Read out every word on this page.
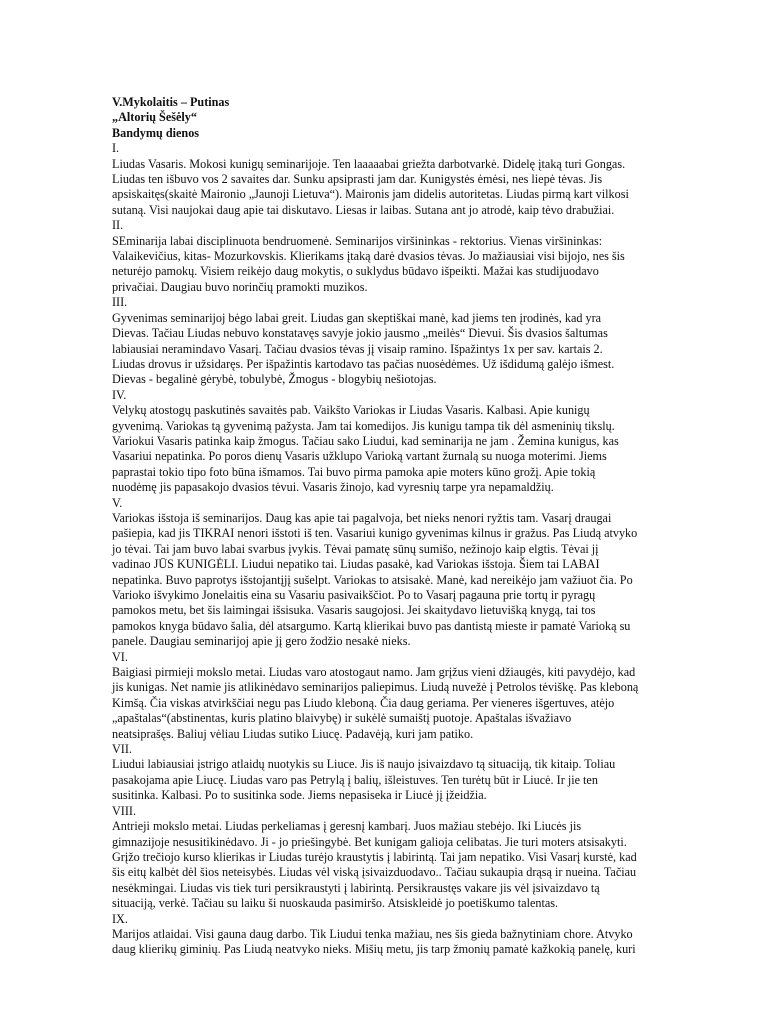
V.Mykolaitis – Putinas

„Altorių Šešėly“

Bandymų dienos

I.

Liudas Vasaris. Mokosi kunigų seminarijoje. Ten laaaaabai griežta darbotvarkė. Didelę įtaką turi Gongas.

Liudas ten išbuvo vos 2 savaites dar. Sunku apsiprasti jam dar. Kunigystės ėmėsi, nes liepė tėvas. Jis

apsiskaitęs(skaitė Maironio „Jaunoji Lietuva“). Maironis jam didelis autoritetas. Liudas pirmą kart vilkosi

sutaną. Visi naujokai daug apie tai diskutavo. Liesas ir laibas. Sutana ant jo atrodė, kaip tėvo drabužiai.

II.

SEminarija labai disciplinuota bendruomenė. Seminarijos viršininkas - rektorius. Vienas viršininkas:

Valaikevičius, kitas- Mozurkovskis. Klierikams įtaką darė dvasios tėvas. Jo mažiausiai visi bijojo, nes šis

neturėjo pamokų. Visiem reikėjo daug mokytis, o suklydus būdavo išpeikti. Mažai kas studijuodavo

privačiai. Daugiau buvo norinčių pramokti muzikos.

III.

Gyvenimas seminarijoj bėgo labai greit. Liudas gan skeptiškai manė, kad jiems ten įrodinės, kad yra

Dievas. Tačiau Liudas nebuvo konstatavęs savyje jokio jausmo „meilės“ Dievui. Šis dvasios šaltumas

labiausiai neramindavo Vasarį. Tačiau dvasios tėvas jį visaip ramino. Išpažintys 1x per sav. kartais 2.

Liudas drovus ir užsidaręs. Per išpažintis kartodavo tas pačias nuosėdėmes. Už išdidumą galėjo išmest.

Dievas - begalinė gėrybė, tobulybė, Žmogus - blogybių nešiotojas.

IV.

Velykų atostogų paskutinės savaitės pab. Vaikšto Variokas ir Liudas Vasaris. Kalbasi. Apie kunigų

gyvenimą. Variokas tą gyvenimą pažysta. Jam tai komedijos. Jis kunigu tampa tik dėl asmeninių tikslų.

Variokui Vasaris patinka kaip žmogus. Tačiau sako Liudui, kad seminarija ne jam . Žemina kunigus, kas

Vasariui nepatinka. Po poros dienų Vasaris užklupo Varioką vartant žurnalą su nuoga moterimi. Jiems

paprastai tokio tipo foto būna išmamos. Tai buvo pirma pamoka apie moters kūno grožį. Apie tokią

nuodėmę jis papasakojo dvasios tėvui. Vasaris žinojo, kad vyresnių tarpe yra nepamaldžių.

V.

Variokas išstoja iš seminarijos. Daug kas apie tai pagalvoja, bet nieks nenori ryžtis tam. Vasarį draugai

pašiepia, kad jis TIKRAI nenori išstoti iš ten. Vasariui kunigo gyvenimas kilnus ir gražus. Pas Liudą atvyko

jo tėvai. Tai jam buvo labai svarbus įvykis. Tėvai pamatę sūnų sumišo, nežinojo kaip elgtis. Tėvai jį

vadinao JŪS KUNIGĖLI. Liudui nepatiko tai. Liudas pasakė, kad Variokas išstoja. Šiem tai LABAI

nepatinka. Buvo paprotys išstojantįjį sušelpt. Variokas to atsisakė. Manė, kad nereikėjo jam važiuot čia. Po

Varioko išvykimo Jonelaitis eina su Vasariu pasivaikščiot. Po to Vasarį pagauna prie tortų ir pyragų

pamokos metu, bet šis laimingai išsisuka. Vasaris saugojosi. Jei skaitydavo lietuvišką knygą, tai tos

pamokos knyga būdavo šalia, dėl atsargumo. Kartą klierikai buvo pas dantistą mieste ir pamatė Varioką su

panele. Daugiau seminarijoj apie jį gero žodžio nesakė nieks.

VI.

Baigiasi pirmieji mokslo metai. Liudas varo atostogaut namo. Jam grįžus vieni džiaugės, kiti pavydėjo, kad

jis kunigas. Net namie jis atlikinėdavo seminarijos paliepimus. Liudą nuvežė į Petrolos tėviškę. Pas kleboną

Kimšą. Čia viskas atvirkščiai negu pas Liudo kleboną. Čia daug geriama. Per vieneres išgertuves, atėjo

„apaštalas“(abstinentas, kuris platino blaivybę) ir sukėlė sumaištį puotoje. Apaštalas išvažiavo

neatsiprašęs. Baliuj vėliau Liudas sutiko Liucę. Padavėją, kuri jam patiko.

VII.

Liudui labiausiai įstrigo atlaidų nuotykis su Liuce. Jis iš naujo įsivaizdavo tą situaciją, tik kitaip. Toliau

pasakojama apie Liucę. Liudas varo pas Petrylą į balių, išleistuves. Ten turėtų būt ir Liucė. Ir jie ten

susitinka. Kalbasi. Po to susitinka sode. Jiems nepasiseka ir Liucė jį įžeidžia.

VIII.

Antrieji mokslo metai. Liudas perkeliamas į geresnį kambarį. Juos mažiau stebėjo. Iki Liucės jis

gimnazijoje nesusitikinėdavo. Ji - jo priešingybė. Bet kunigam galioja celibatas. Jie turi moters atsisakyti.

Grįžo trečiojo kurso klierikas ir Liudas turėjo kraustytis į labirintą. Tai jam nepatiko. Visi Vasarį kurstė, kad

šis eitų kalbėt dėl šios neteisybės. Liudas vėl viską įsivaizduodavo.. Tačiau sukaupia drąsą ir nueina. Tačiau

nesėkmingai. Liudas vis tiek turi persikraustyti į labirintą. Persikraustęs vakare jis vėl įsivaizdavo tą

situaciją, verkė. Tačiau su laiku ši nuoskauda pasimiršo. Atsiskleidė jo poetiškumo talentas.

IX.

Marijos atlaidai. Visi gauna daug darbo. Tik Liudui tenka mažiau, nes šis gieda bažnytiniam chore. Atvyko

daug klierikų giminių. Pas Liudą neatvyko nieks. Mišių metu, jis tarp žmonių pamatė kažkokią panelę, kuri
